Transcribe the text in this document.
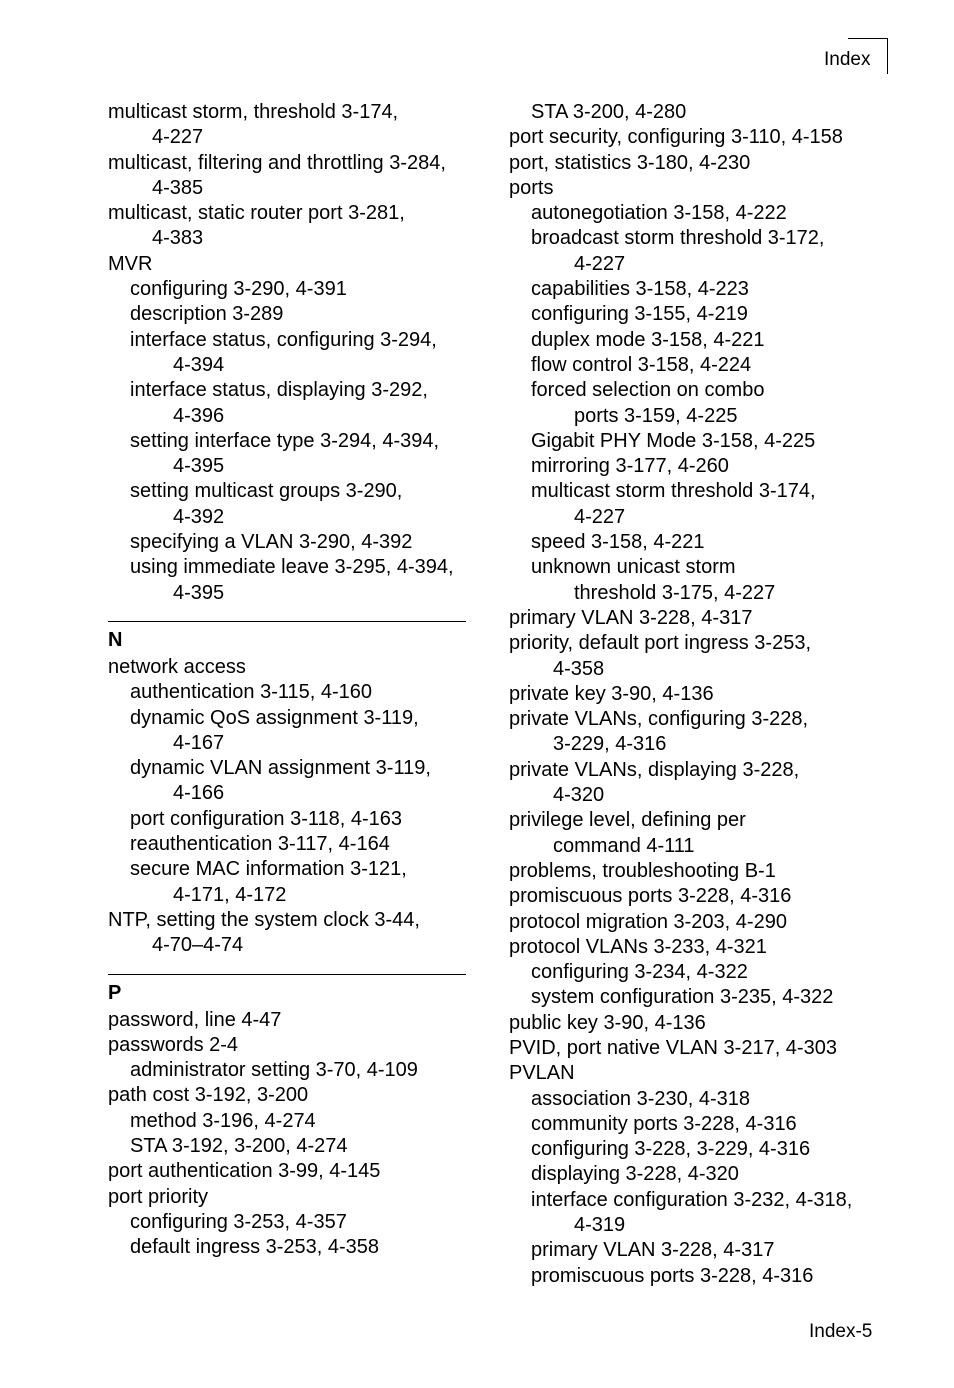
Index
multicast storm, threshold 3-174,
4-227
multicast, filtering and throttling 3-284,
4-385
multicast, static router port 3-281,
4-383
MVR
configuring 3-290, 4-391
description 3-289
interface status, configuring 3-294,
4-394
interface status, displaying 3-292,
4-396
setting interface type 3-294, 4-394,
4-395
setting multicast groups 3-290,
4-392
specifying a VLAN 3-290, 4-392
using immediate leave 3-295, 4-394,
4-395
N
network access
authentication 3-115, 4-160
dynamic QoS assignment 3-119,
4-167
dynamic VLAN assignment 3-119,
4-166
port configuration 3-118, 4-163
reauthentication 3-117, 4-164
secure MAC information 3-121,
4-171, 4-172
NTP, setting the system clock 3-44,
4-70–4-74
P
password, line 4-47
passwords 2-4
administrator setting 3-70, 4-109
path cost 3-192, 3-200
method 3-196, 4-274
STA 3-192, 3-200, 4-274
port authentication 3-99, 4-145
port priority
configuring 3-253, 4-357
default ingress 3-253, 4-358
STA 3-200, 4-280
port security, configuring 3-110, 4-158
port, statistics 3-180, 4-230
ports
autonegotiation 3-158, 4-222
broadcast storm threshold 3-172,
4-227
capabilities 3-158, 4-223
configuring 3-155, 4-219
duplex mode 3-158, 4-221
flow control 3-158, 4-224
forced selection on combo
ports 3-159, 4-225
Gigabit PHY Mode 3-158, 4-225
mirroring 3-177, 4-260
multicast storm threshold 3-174,
4-227
speed 3-158, 4-221
unknown unicast storm
threshold 3-175, 4-227
primary VLAN 3-228, 4-317
priority, default port ingress 3-253,
4-358
private key 3-90, 4-136
private VLANs, configuring 3-228,
3-229, 4-316
private VLANs, displaying 3-228,
4-320
privilege level, defining per
command 4-111
problems, troubleshooting B-1
promiscuous ports 3-228, 4-316
protocol migration 3-203, 4-290
protocol VLANs 3-233, 4-321
configuring 3-234, 4-322
system configuration 3-235, 4-322
public key 3-90, 4-136
PVID, port native VLAN 3-217, 4-303
PVLAN
association 3-230, 4-318
community ports 3-228, 4-316
configuring 3-228, 3-229, 4-316
displaying 3-228, 4-320
interface configuration 3-232, 4-318,
4-319
primary VLAN 3-228, 4-317
promiscuous ports 3-228, 4-316
Index-5
